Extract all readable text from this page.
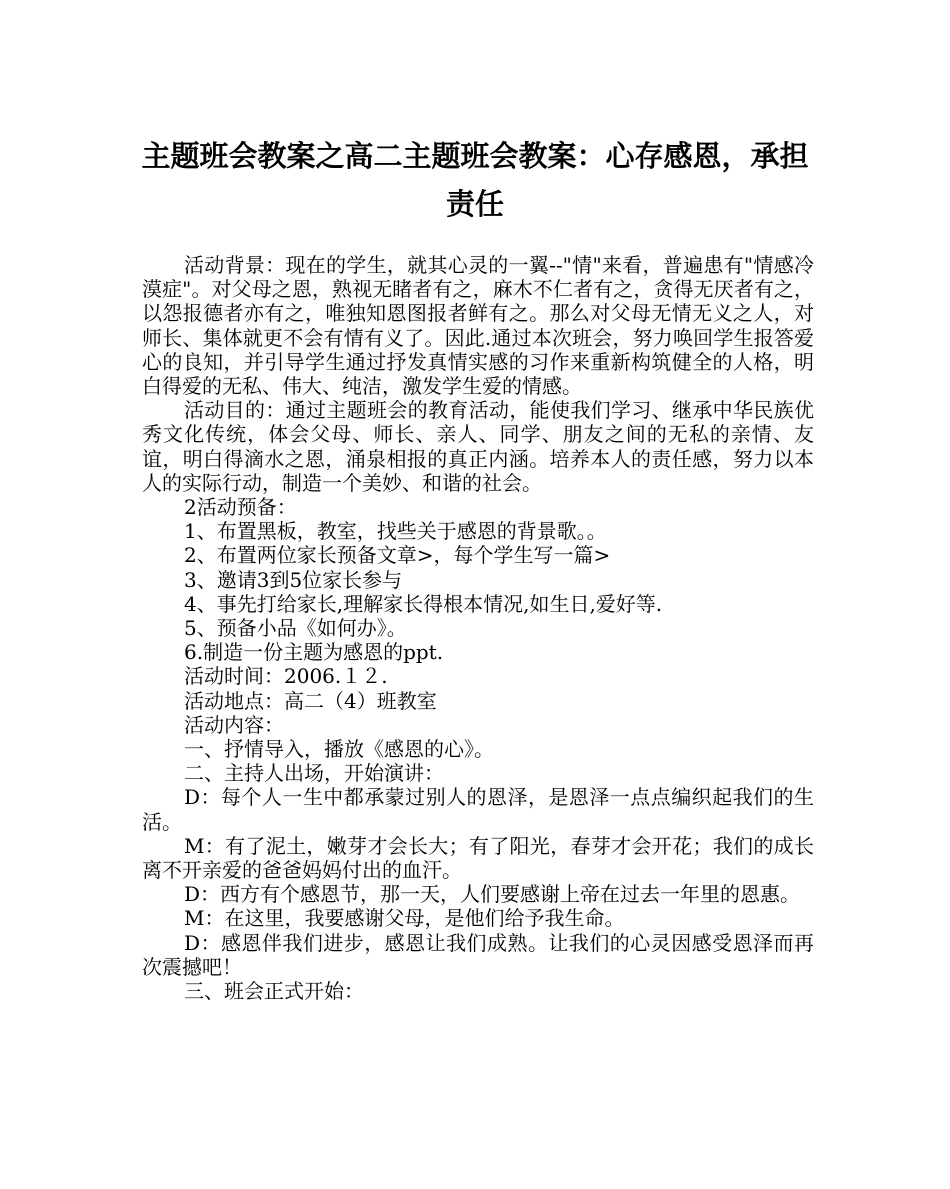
主题班会教案之高二主题班会教案：心存感恩，承担责任

活动背景：现在的学生，就其心灵的一翼--"情"来看，普遍患有"情感冷漠症"。对父母之恩，熟视无睹者有之，麻木不仁者有之，贪得无厌者有之，以怨报德者亦有之，唯独知恩图报者鲜有之。那么对父母无情无义之人，对师长、集体就更不会有情有义了。因此.通过本次班会，努力唤回学生报答爱心的良知，并引导学生通过抒发真情实感的习作来重新构筑健全的人格，明白得爱的无私、伟大、纯洁，激发学生爱的情感。

活动目的：通过主题班会的教育活动，能使我们学习、继承中华民族优秀文化传统，体会父母、师长、亲人、同学、朋友之间的无私的亲情、友谊，明白得滴水之恩，涌泉相报的真正内涵。培养本人的责任感，努力以本人的实际行动，制造一个美妙、和谐的社会。

2活动预备：

1、布置黑板，教室，找些关于感恩的背景歌。。

2、布置两位家长预备文章>，每个学生写一篇>

3、邀请3到5位家长参与

4、事先打给家长,理解家长得根本情况,如生日,爱好等.

5、预备小品《如何办》。

6.制造一份主题为感恩的ppt.

活动时间：2006.１２.

活动地点：高二（4）班教室

活动内容：

一、抒情导入，播放《感恩的心》。

二、主持人出场，开始演讲：

D：每个人一生中都承蒙过别人的恩泽，是恩泽一点点编织起我们的生活。

M：有了泥土，嫩芽才会长大；有了阳光，春芽才会开花；我们的成长离不开亲爱的爸爸妈妈付出的血汗。

D：西方有个感恩节，那一天，人们要感谢上帝在过去一年里的恩惠。

M：在这里，我要感谢父母，是他们给予我生命。

D：感恩伴我们进步，感恩让我们成熟。让我们的心灵因感受恩泽而再次震撼吧！

三、班会正式开始：
